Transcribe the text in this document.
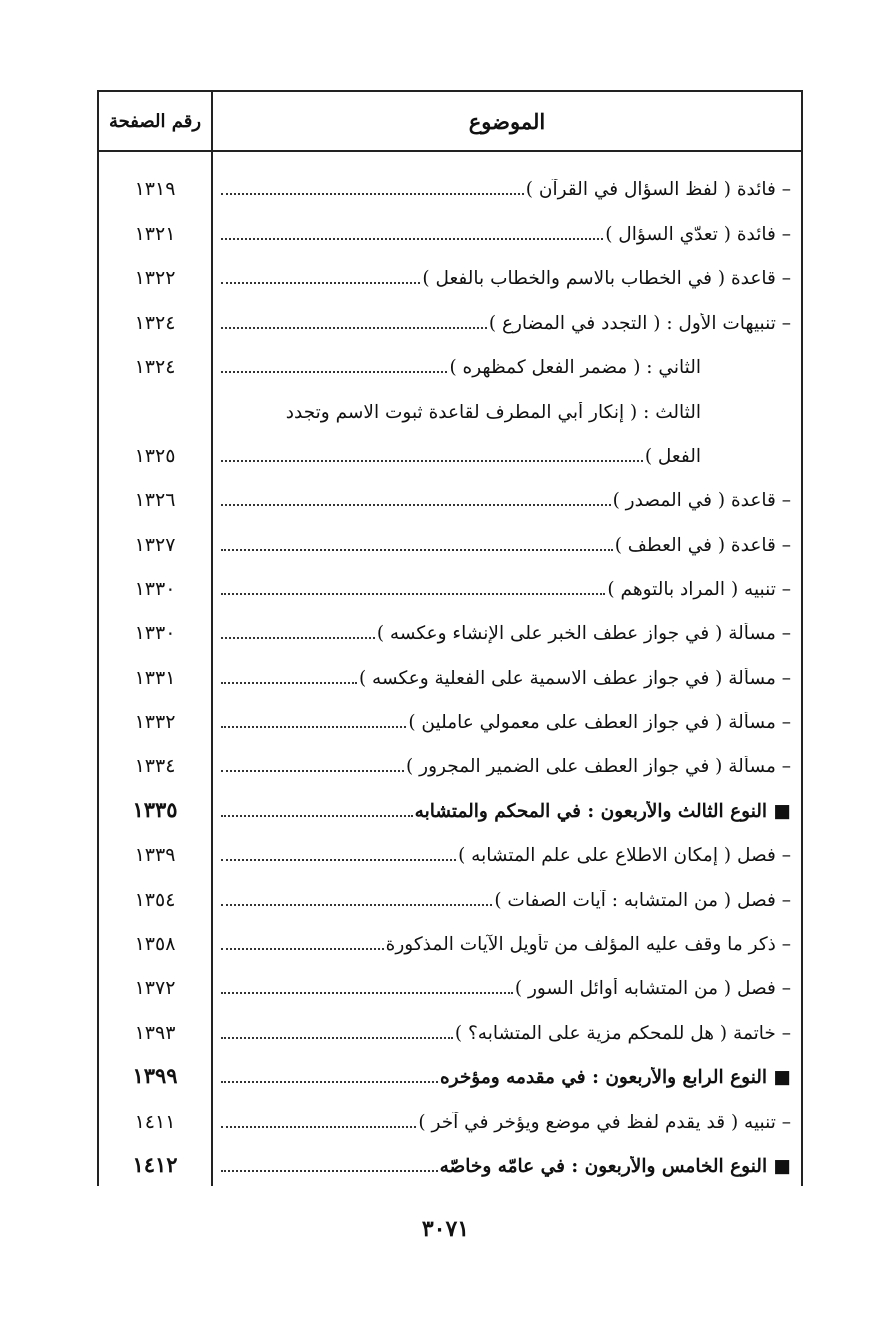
رقم الصفحة	الموضوع
١٣١٩	– فائدة ( لفظ السؤال في القرآن )
١٣٢١	– فائدة ( تعدّي السؤال )
١٣٢٢	– قاعدة ( في الخطاب بالاسم والخطاب بالفعل )
١٣٢٤	– تنبيهات الأول : ( التجدد في المضارع )
١٣٢٤	الثاني : ( مضمر الفعل كمظهره )
الثالث : ( إنكار أبي المطرف لقاعدة ثبوت الاسم وتجدد
١٣٢٥	الفعل )
١٣٢٦	– قاعدة ( في المصدر )
١٣٢٧	– قاعدة ( في العطف )
١٣٣٠	– تنبيه ( المراد بالتوهم )
١٣٣٠	– مسألة ( في جواز عطف الخبر على الإنشاء وعكسه )
١٣٣١	– مسألة ( في جواز عطف الاسمية على الفعلية وعكسه )
١٣٣٢	– مسألة ( في جواز العطف على معمولي عاملين )
١٣٣٤	– مسألة ( في جواز العطف على الضمير المجرور )
١٣٣٥	■ النوع الثالث والأربعون : في المحكم والمتشابه
١٣٣٩	– فصل ( إمكان الاطلاع على علم المتشابه )
١٣٥٤	– فصل ( من المتشابه : آيات الصفات )
١٣٥٨	– ذكر ما وقف عليه المؤلف من تأويل الآيات المذكورة
١٣٧٢	– فصل ( من المتشابه أوائل السور )
١٣٩٣	– خاتمة ( هل للمحكم مزية على المتشابه؟ )
١٣٩٩	■ النوع الرابع والأربعون : في مقدمه ومؤخره
١٤١١	– تنبيه ( قد يقدم لفظ في موضع ويؤخر في آخر )
١٤١٢	■ النوع الخامس والأربعون : في عامّه وخاصّه
٣٠٧١
